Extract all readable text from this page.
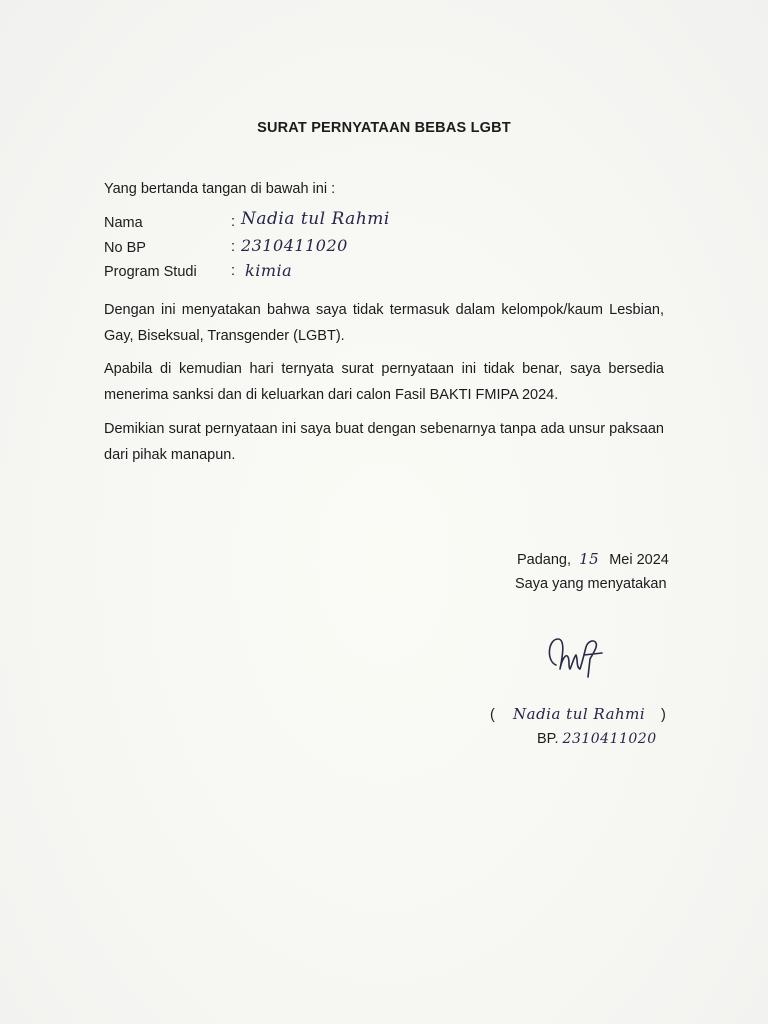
SURAT PERNYATAAN BEBAS LGBT
Yang bertanda tangan di bawah ini :
Nama	: Nadia tul Rahmi
No BP	: 2310411020
Program Studi : kimia
Dengan ini menyatakan bahwa saya tidak termasuk dalam kelompok/kaum Lesbian, Gay, Biseksual, Transgender (LGBT).
Apabila di kemudian hari ternyata surat pernyataan ini tidak benar, saya bersedia menerima sanksi dan di keluarkan dari calon Fasil BAKTI FMIPA 2024.
Demikian surat pernyataan ini saya buat dengan sebenarnya tanpa ada unsur paksaan dari pihak manapun.
Padang, 15 Mei 2024
Saya yang menyatakan
( Nadia tul Rahmi )
BP. 2310411020
